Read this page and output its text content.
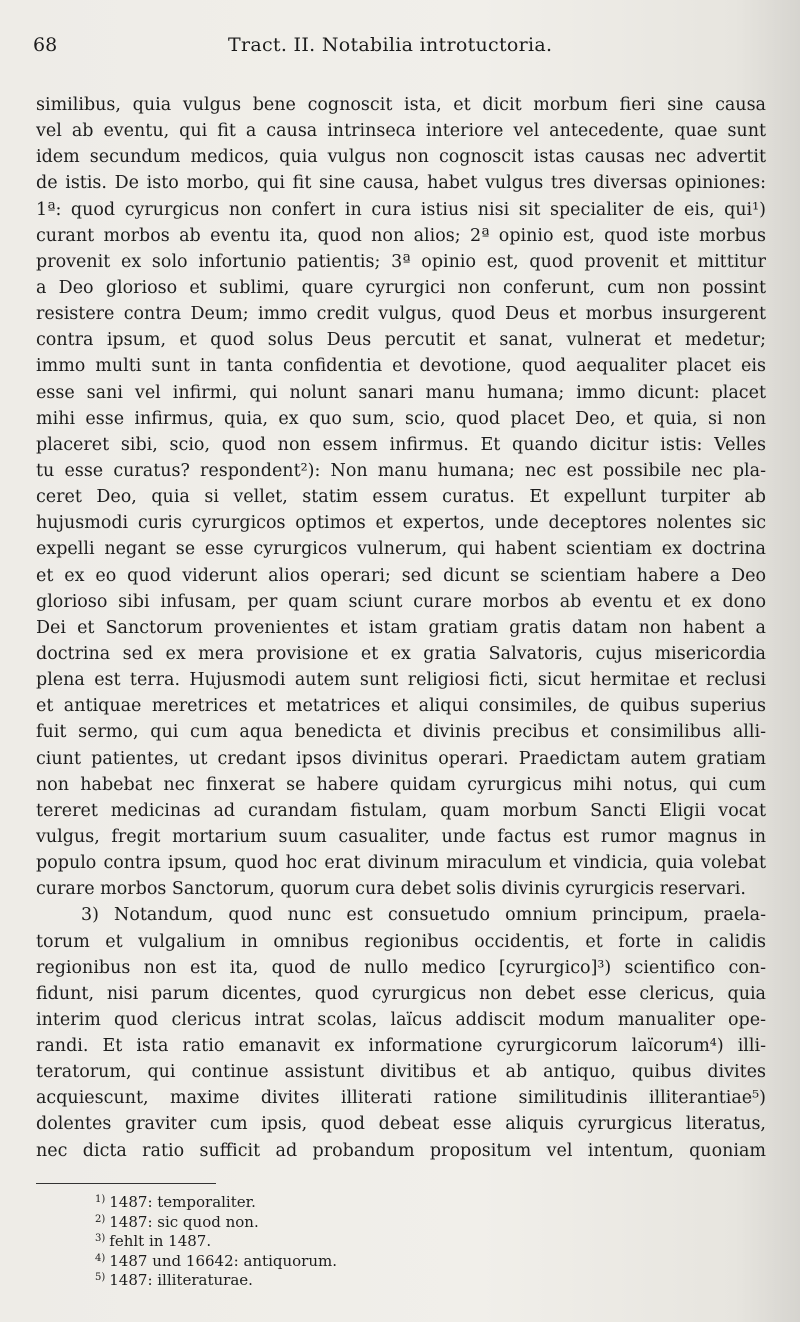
68	Tract. II. Notabilia introtuctoria.
similibus, quia vulgus bene cognoscit ista, et dicit morbum fieri sine causa
vel ab eventu, qui fit a causa intrinseca interiore vel antecedente, quae sunt
idem secundum medicos, quia vulgus non cognoscit istas causas nec advertit
de istis. De isto morbo, qui fit sine causa, habet vulgus tres diversas opiniones:
1ª: quod cyrurgicus non confert in cura istius nisi sit specialiter de eis, qui¹)
curant morbos ab eventu ita, quod non alios; 2ª opinio est, quod iste morbus
provenit ex solo infortunio patientis; 3ª opinio est, quod provenit et mittitur
a Deo glorioso et sublimi, quare cyrurgici non conferunt, cum non possint
resistere contra Deum; immo credit vulgus, quod Deus et morbus insurgerent
contra ipsum, et quod solus Deus percutit et sanat, vulnerat et medetur;
immo multi sunt in tanta confidentia et devotione, quod aequaliter placet eis
esse sani vel infirmi, qui nolunt sanari manu humana; immo dicunt: placet
mihi esse infirmus, quia, ex quo sum, scio, quod placet Deo, et quia, si non
placeret sibi, scio, quod non essem infirmus. Et quando dicitur istis: Velles
tu esse curatus? respondent²): Non manu humana; nec est possibile nec pla-
ceret Deo, quia si vellet, statim essem curatus. Et expellunt turpiter ab
hujusmodi curis cyrurgicos optimos et expertos, unde deceptores nolentes sic
expelli negant se esse cyrurgicos vulnerum, qui habent scientiam ex doctrina
et ex eo quod viderunt alios operari; sed dicunt se scientiam habere a Deo
glorioso sibi infusam, per quam sciunt curare morbos ab eventu et ex dono
Dei et Sanctorum provenientes et istam gratiam gratis datam non habent a
doctrina sed ex mera provisione et ex gratia Salvatoris, cujus misericordia
plena est terra. Hujusmodi autem sunt religiosi ficti, sicut hermitae et reclusi
et antiquae meretrices et metatrices et aliqui consimiles, de quibus superius
fuit sermo, qui cum aqua benedicta et divinis precibus et consimilibus alli-
ciunt patientes, ut credant ipsos divinitus operari. Praedictam autem gratiam
non habebat nec finxerat se habere quidam cyrurgicus mihi notus, qui cum
tereret medicinas ad curandam fistulam, quam morbum Sancti Eligii vocat
vulgus, fregit mortarium suum casualiter, unde factus est rumor magnus in
populo contra ipsum, quod hoc erat divinum miraculum et vindicia, quia volebat
curare morbos Sanctorum, quorum cura debet solis divinis cyrurgicis reservari.
3) Notandum, quod nunc est consuetudo omnium principum, praela-
torum et vulgalium in omnibus regionibus occidentis, et forte in calidis
regionibus non est ita, quod de nullo medico [cyrurgico]³) scientifico con-
fidunt, nisi parum dicentes, quod cyrurgicus non debet esse clericus, quia
interim quod clericus intrat scolas, laïcus addiscit modum manualiter ope-
randi. Et ista ratio emanavit ex informatione cyrurgicorum laïcorum⁴) illi-
teratorum, qui continue assistunt divitibus et ab antiquo, quibus divites
acquiescunt, maxime divites illiterati ratione similitudinis illiterantiae⁵)
dolentes graviter cum ipsis, quod debeat esse aliquis cyrurgicus literatus,
nec dicta ratio sufficit ad probandum propositum vel intentum, quoniam
$^{1)}$ 1487: temporaliter.
$^{2)}$ 1487: sic quod non.
$^{3)}$ fehlt in 1487.
$^{4)}$ 1487 und 16642: antiquorum.
$^{5)}$ 1487: illiteraturae.
